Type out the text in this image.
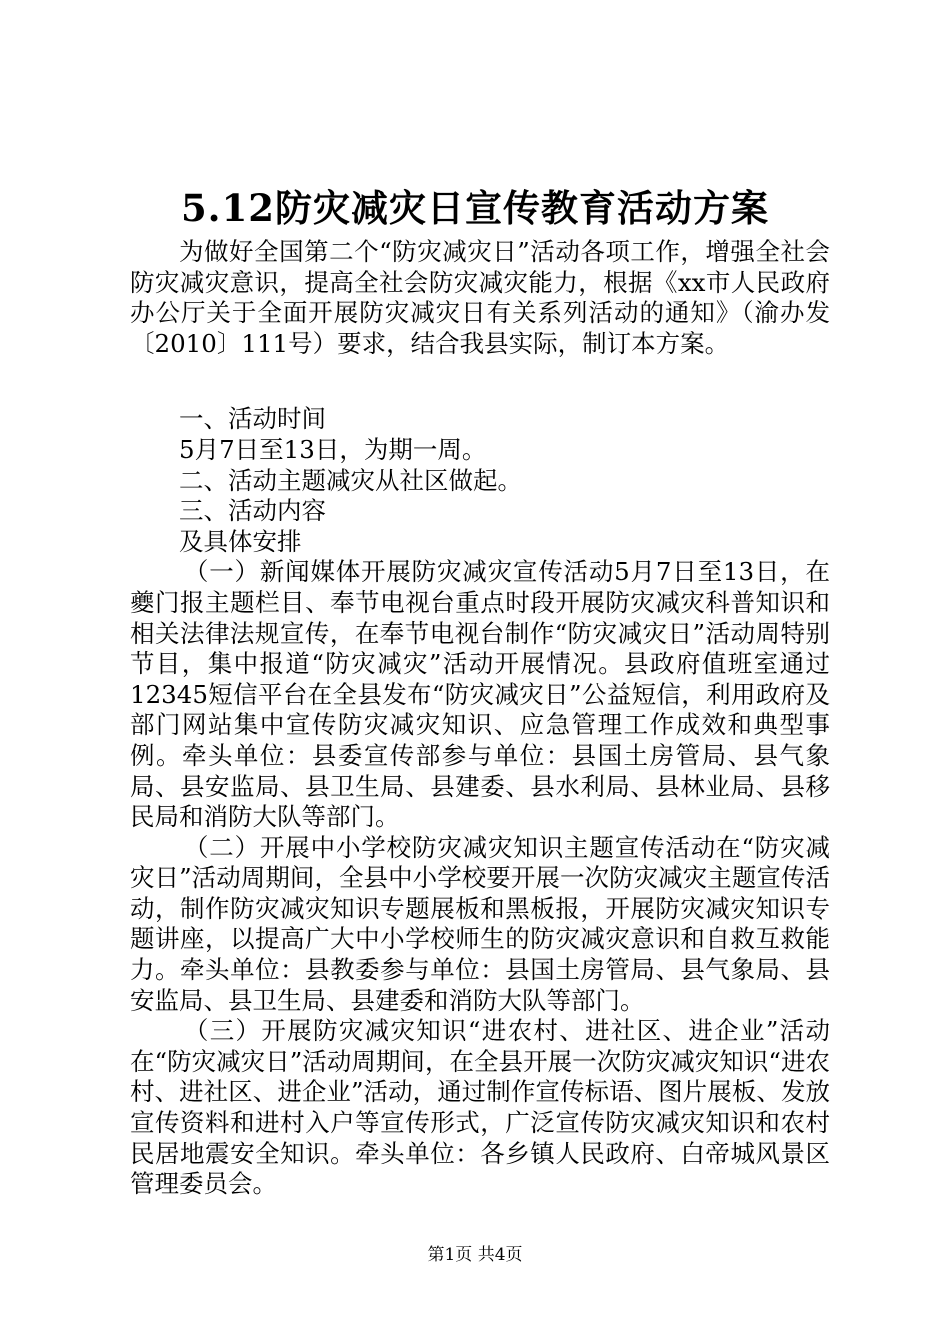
5.12防灾减灾日宣传教育活动方案

为做好全国第二个“防灾减灾日”活动各项工作，增强全社会防灾减灾意识，提高全社会防灾减灾能力，根据《xx市人民政府办公厅关于全面开展防灾减灾日有关系列活动的通知》（渝办发〔2010〕111号）要求，结合我县实际，制订本方案。

一、活动时间

5月7日至13日，为期一周。

二、活动主题减灾从社区做起。

三、活动内容

及具体安排

（一）新闻媒体开展防灾减灾宣传活动5月7日至13日，在夔门报主题栏目、奉节电视台重点时段开展防灾减灾科普知识和相关法律法规宣传，在奉节电视台制作“防灾减灾日”活动周特别节目，集中报道“防灾减灾”活动开展情况。县政府值班室通过12345短信平台在全县发布“防灾减灾日”公益短信，利用政府及部门网站集中宣传防灾减灾知识、应急管理工作成效和典型事例。牵头单位：县委宣传部参与单位：县国土房管局、县气象局、县安监局、县卫生局、县建委、县水利局、县林业局、县移民局和消防大队等部门。

（二）开展中小学校防灾减灾知识主题宣传活动在“防灾减灾日”活动周期间，全县中小学校要开展一次防灾减灾主题宣传活动，制作防灾减灾知识专题展板和黑板报，开展防灾减灾知识专题讲座，以提高广大中小学校师生的防灾减灾意识和自救互救能力。牵头单位：县教委参与单位：县国土房管局、县气象局、县安监局、县卫生局、县建委和消防大队等部门。

（三）开展防灾减灾知识“进农村、进社区、进企业”活动在“防灾减灾日”活动周期间，在全县开展一次防灾减灾知识“进农村、进社区、进企业”活动，通过制作宣传标语、图片展板、发放宣传资料和进村入户等宣传形式，广泛宣传防灾减灾知识和农村民居地震安全知识。牵头单位：各乡镇人民政府、白帝城风景区管理委员会。

第1页 共4页
